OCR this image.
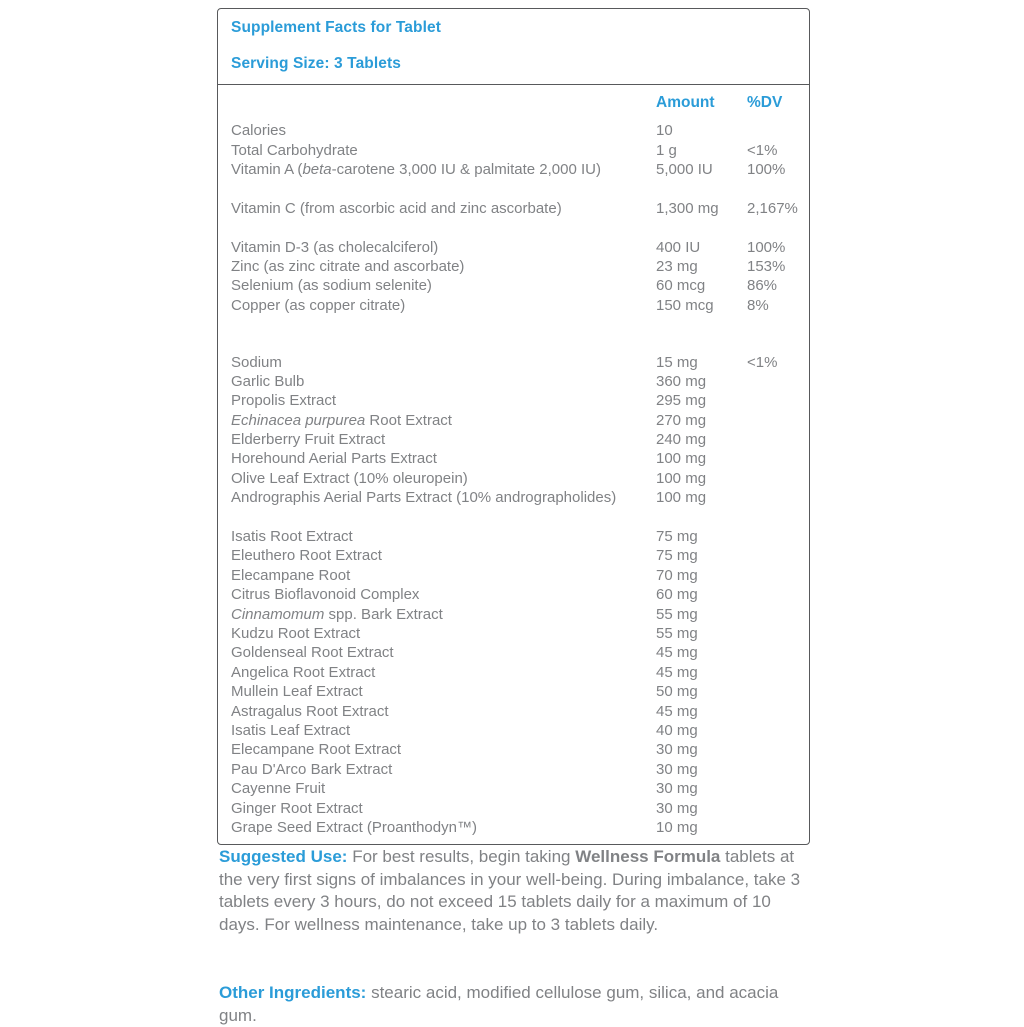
Supplement Facts for Tablet
Serving Size: 3 Tablets
Amount %DV
Calories	10
Total Carbohydrate	1 g	<1%
Vitamin A (beta-carotene 3,000 IU & palmitate 2,000 IU)	5,000 IU	100%
Vitamin C (from ascorbic acid and zinc ascorbate)	1,300 mg	2,167%
Vitamin D-3 (as cholecalciferol)	400 IU	100%
Zinc (as zinc citrate and ascorbate)	23 mg	153%
Selenium (as sodium selenite)	60 mcg	86%
Copper (as copper citrate)	150 mcg	8%
Sodium	15 mg	<1%
Garlic Bulb	360 mg
Propolis Extract	295 mg
Echinacea purpurea Root Extract	270 mg
Elderberry Fruit Extract	240 mg
Horehound Aerial Parts Extract	100 mg
Olive Leaf Extract (10% oleuropein)	100 mg
Andrographis Aerial Parts Extract (10% andrographolides)	100 mg
Isatis Root Extract	75 mg
Eleuthero Root Extract	75 mg
Elecampane Root	70 mg
Citrus Bioflavonoid Complex	60 mg
Cinnamomum spp. Bark Extract	55 mg
Kudzu Root Extract	55 mg
Goldenseal Root Extract	45 mg
Angelica Root Extract	45 mg
Mullein Leaf Extract	50 mg
Astragalus Root Extract	45 mg
Isatis Leaf Extract	40 mg
Elecampane Root Extract	30 mg
Pau D'Arco Bark Extract	30 mg
Cayenne Fruit	30 mg
Ginger Root Extract	30 mg
Grape Seed Extract (Proanthodyn™)	10 mg

Suggested Use: For best results, begin taking Wellness Formula tablets at the very first signs of imbalances in your well-being. During imbalance, take 3 tablets every 3 hours, do not exceed 15 tablets daily for a maximum of 10 days. For wellness maintenance, take up to 3 tablets daily.

Other Ingredients: stearic acid, modified cellulose gum, silica, and acacia gum.
